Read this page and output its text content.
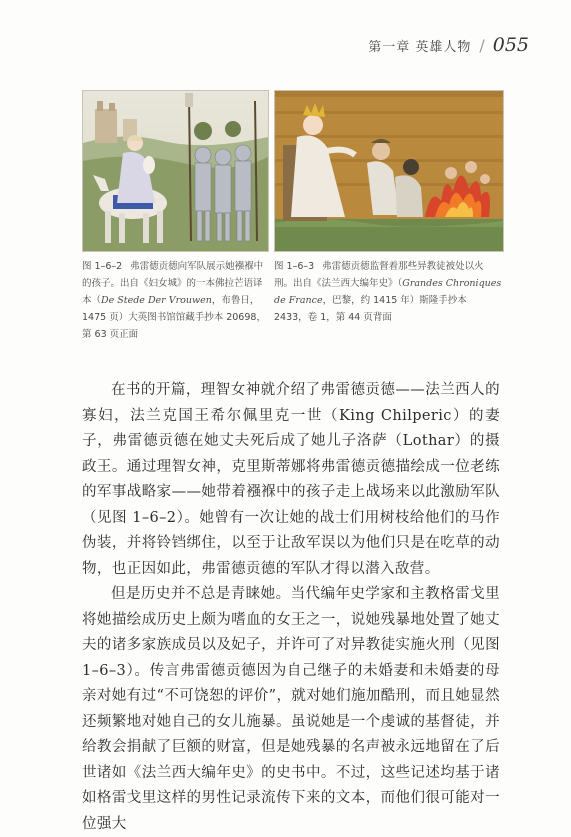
第一章 英雄人物 / 055
图 1–6–2 弗雷德贡德向军队展示她襁褓中的孩子。出自《妇女城》的一本佛拉芒语译本（De Stede Der Vrouwen，布鲁日，1475 页）大英图书馆馆藏手抄本 20698，第 63 页正面
图 1–6–3 弗雷德贡德监督着那些异教徒被处以火刑。出自《法兰西大编年史》（Grandes Chroniques de France，巴黎，约 1415 年）斯隆手抄本 2433，卷 1，第 44 页背面

在书的开篇，理智女神就介绍了弗雷德贡德——法兰西人的寡妇，法兰克国王希尔佩里克一世（King Chilperic）的妻子，弗雷德贡德在她丈夫死后成了她儿子洛萨（Lothar）的摄政王。通过理智女神，克里斯蒂娜将弗雷德贡德描绘成一位老练的军事战略家——她带着襁褓中的孩子走上战场来以此激励军队（见图 1–6–2）。她曾有一次让她的战士们用树枝给他们的马作伪装，并将铃铛绑住，以至于让敌军误以为他们只是在吃草的动物，也正因如此，弗雷德贡德的军队才得以潜入敌营。

但是历史并不总是青睐她。当代编年史学家和主教格雷戈里将她描绘成历史上颇为嗜血的女王之一，说她残暴地处置了她丈夫的诸多家族成员以及妃子，并许可了对异教徒实施火刑（见图 1–6–3）。传言弗雷德贡德因为自己继子的未婚妻和未婚妻的母亲对她有过“不可饶恕的评价”，就对她们施加酷刑，而且她显然还频繁地对她自己的女儿施暴。虽说她是一个虔诚的基督徒，并给教会捐献了巨额的财富，但是她残暴的名声被永远地留在了后世诸如《法兰西大编年史》的史书中。不过，这些记述均基于诸如格雷戈里这样的男性记录流传下来的文本，而他们很可能对一位强大
